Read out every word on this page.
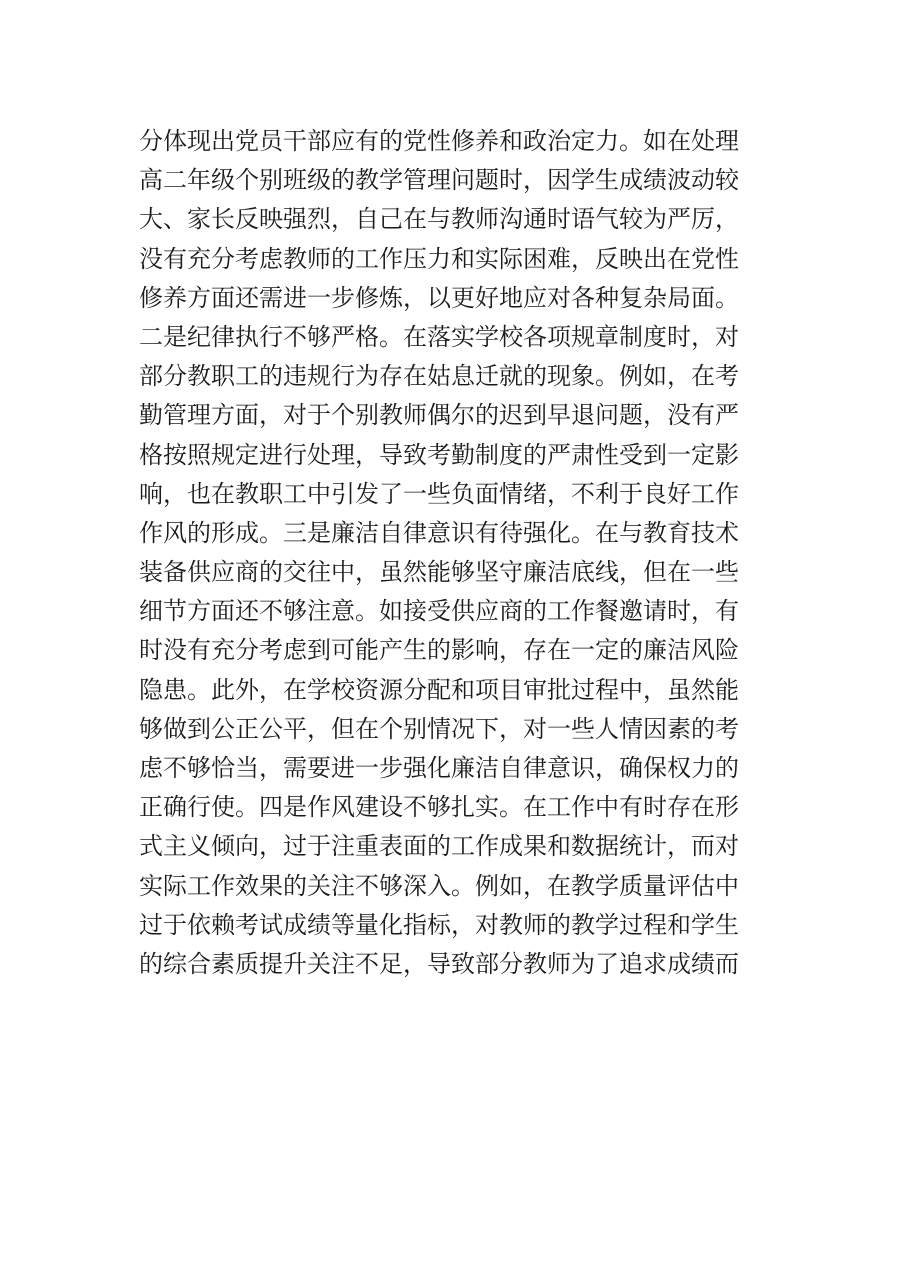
分体现出党员干部应有的党性修养和政治定力。如在处理
高二年级个别班级的教学管理问题时，因学生成绩波动较
大、家长反映强烈，自己在与教师沟通时语气较为严厉，
没有充分考虑教师的工作压力和实际困难，反映出在党性
修养方面还需进一步修炼，以更好地应对各种复杂局面。
二是纪律执行不够严格。在落实学校各项规章制度时，对
部分教职工的违规行为存在姑息迁就的现象。例如，在考
勤管理方面，对于个别教师偶尔的迟到早退问题，没有严
格按照规定进行处理，导致考勤制度的严肃性受到一定影
响，也在教职工中引发了一些负面情绪，不利于良好工作
作风的形成。三是廉洁自律意识有待强化。在与教育技术
装备供应商的交往中，虽然能够坚守廉洁底线，但在一些
细节方面还不够注意。如接受供应商的工作餐邀请时，有
时没有充分考虑到可能产生的影响，存在一定的廉洁风险
隐患。此外，在学校资源分配和项目审批过程中，虽然能
够做到公正公平，但在个别情况下，对一些人情因素的考
虑不够恰当，需要进一步强化廉洁自律意识，确保权力的
正确行使。四是作风建设不够扎实。在工作中有时存在形
式主义倾向，过于注重表面的工作成果和数据统计，而对
实际工作效果的关注不够深入。例如，在教学质量评估中
过于依赖考试成绩等量化指标，对教师的教学过程和学生
的综合素质提升关注不足，导致部分教师为了追求成绩而
